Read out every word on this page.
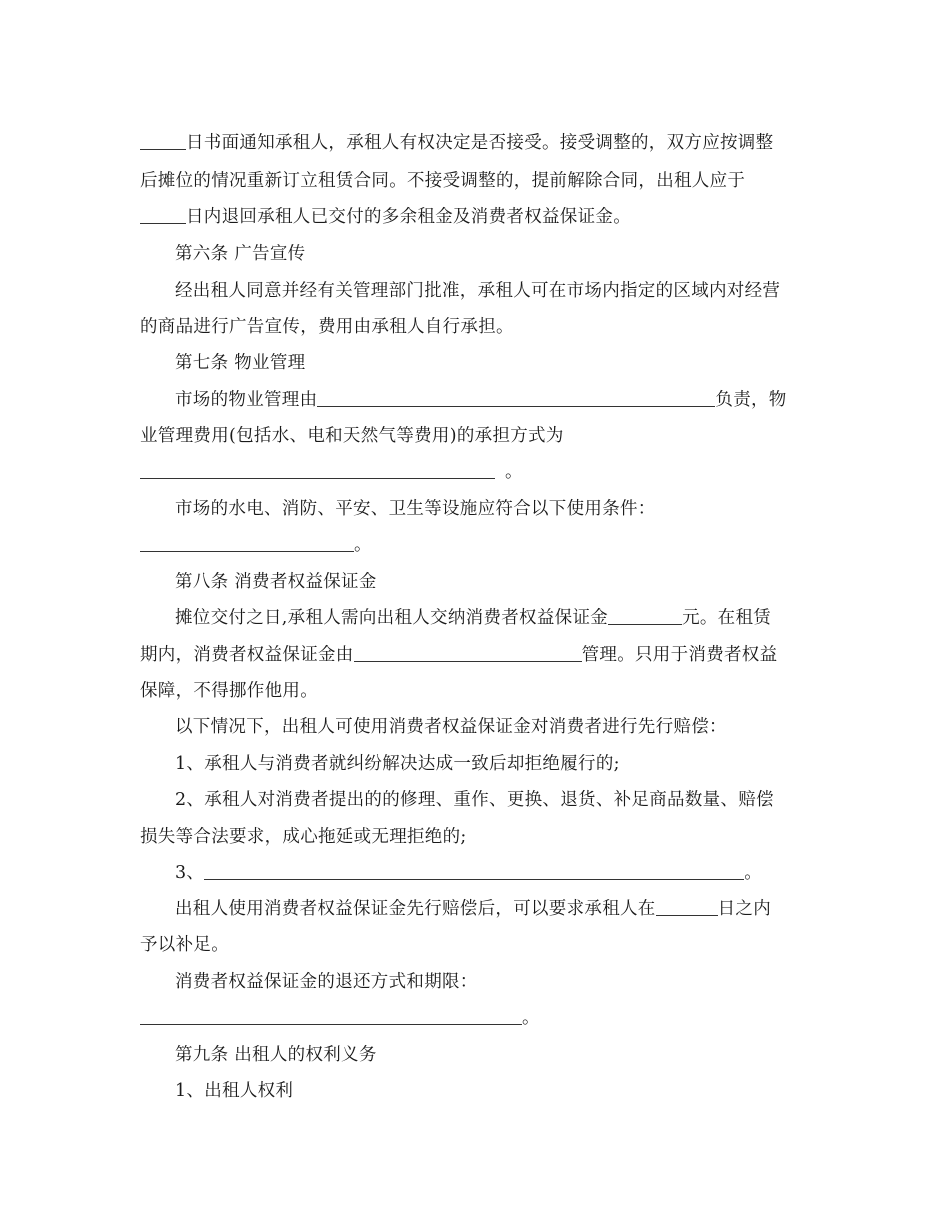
日书面通知承租人，承租人有权决定是否接受。接受调整的，双方应按调整
后摊位的情况重新订立租赁合同。不接受调整的，提前解除合同，出租人应于
日内退回承租人已交付的多余租金及消费者权益保证金。
第六条 广告宣传
经出租人同意并经有关管理部门批准，承租人可在市场内指定的区域内对经营
的商品进行广告宣传，费用由承租人自行承担。
第七条 物业管理
市场的物业管理由	负责，物
业管理费用(包括水、电和天然气等费用)的承担方式为
。
市场的水电、消防、平安、卫生等设施应符合以下使用条件：
。
第八条 消费者权益保证金
摊位交付之日,承租人需向出租人交纳消费者权益保证金	元。在租赁
期内，消费者权益保证金由	管理。只用于消费者权益
保障，不得挪作他用。
以下情况下，出租人可使用消费者权益保证金对消费者进行先行赔偿：
1、承租人与消费者就纠纷解决达成一致后却拒绝履行的;
2、承租人对消费者提出的的修理、重作、更换、退货、补足商品数量、赔偿
损失等合法要求，成心拖延或无理拒绝的;
3、	。
出租人使用消费者权益保证金先行赔偿后，可以要求承租人在	日之内
予以补足。
消费者权益保证金的退还方式和期限：
。
第九条 出租人的权利义务
1、出租人权利
